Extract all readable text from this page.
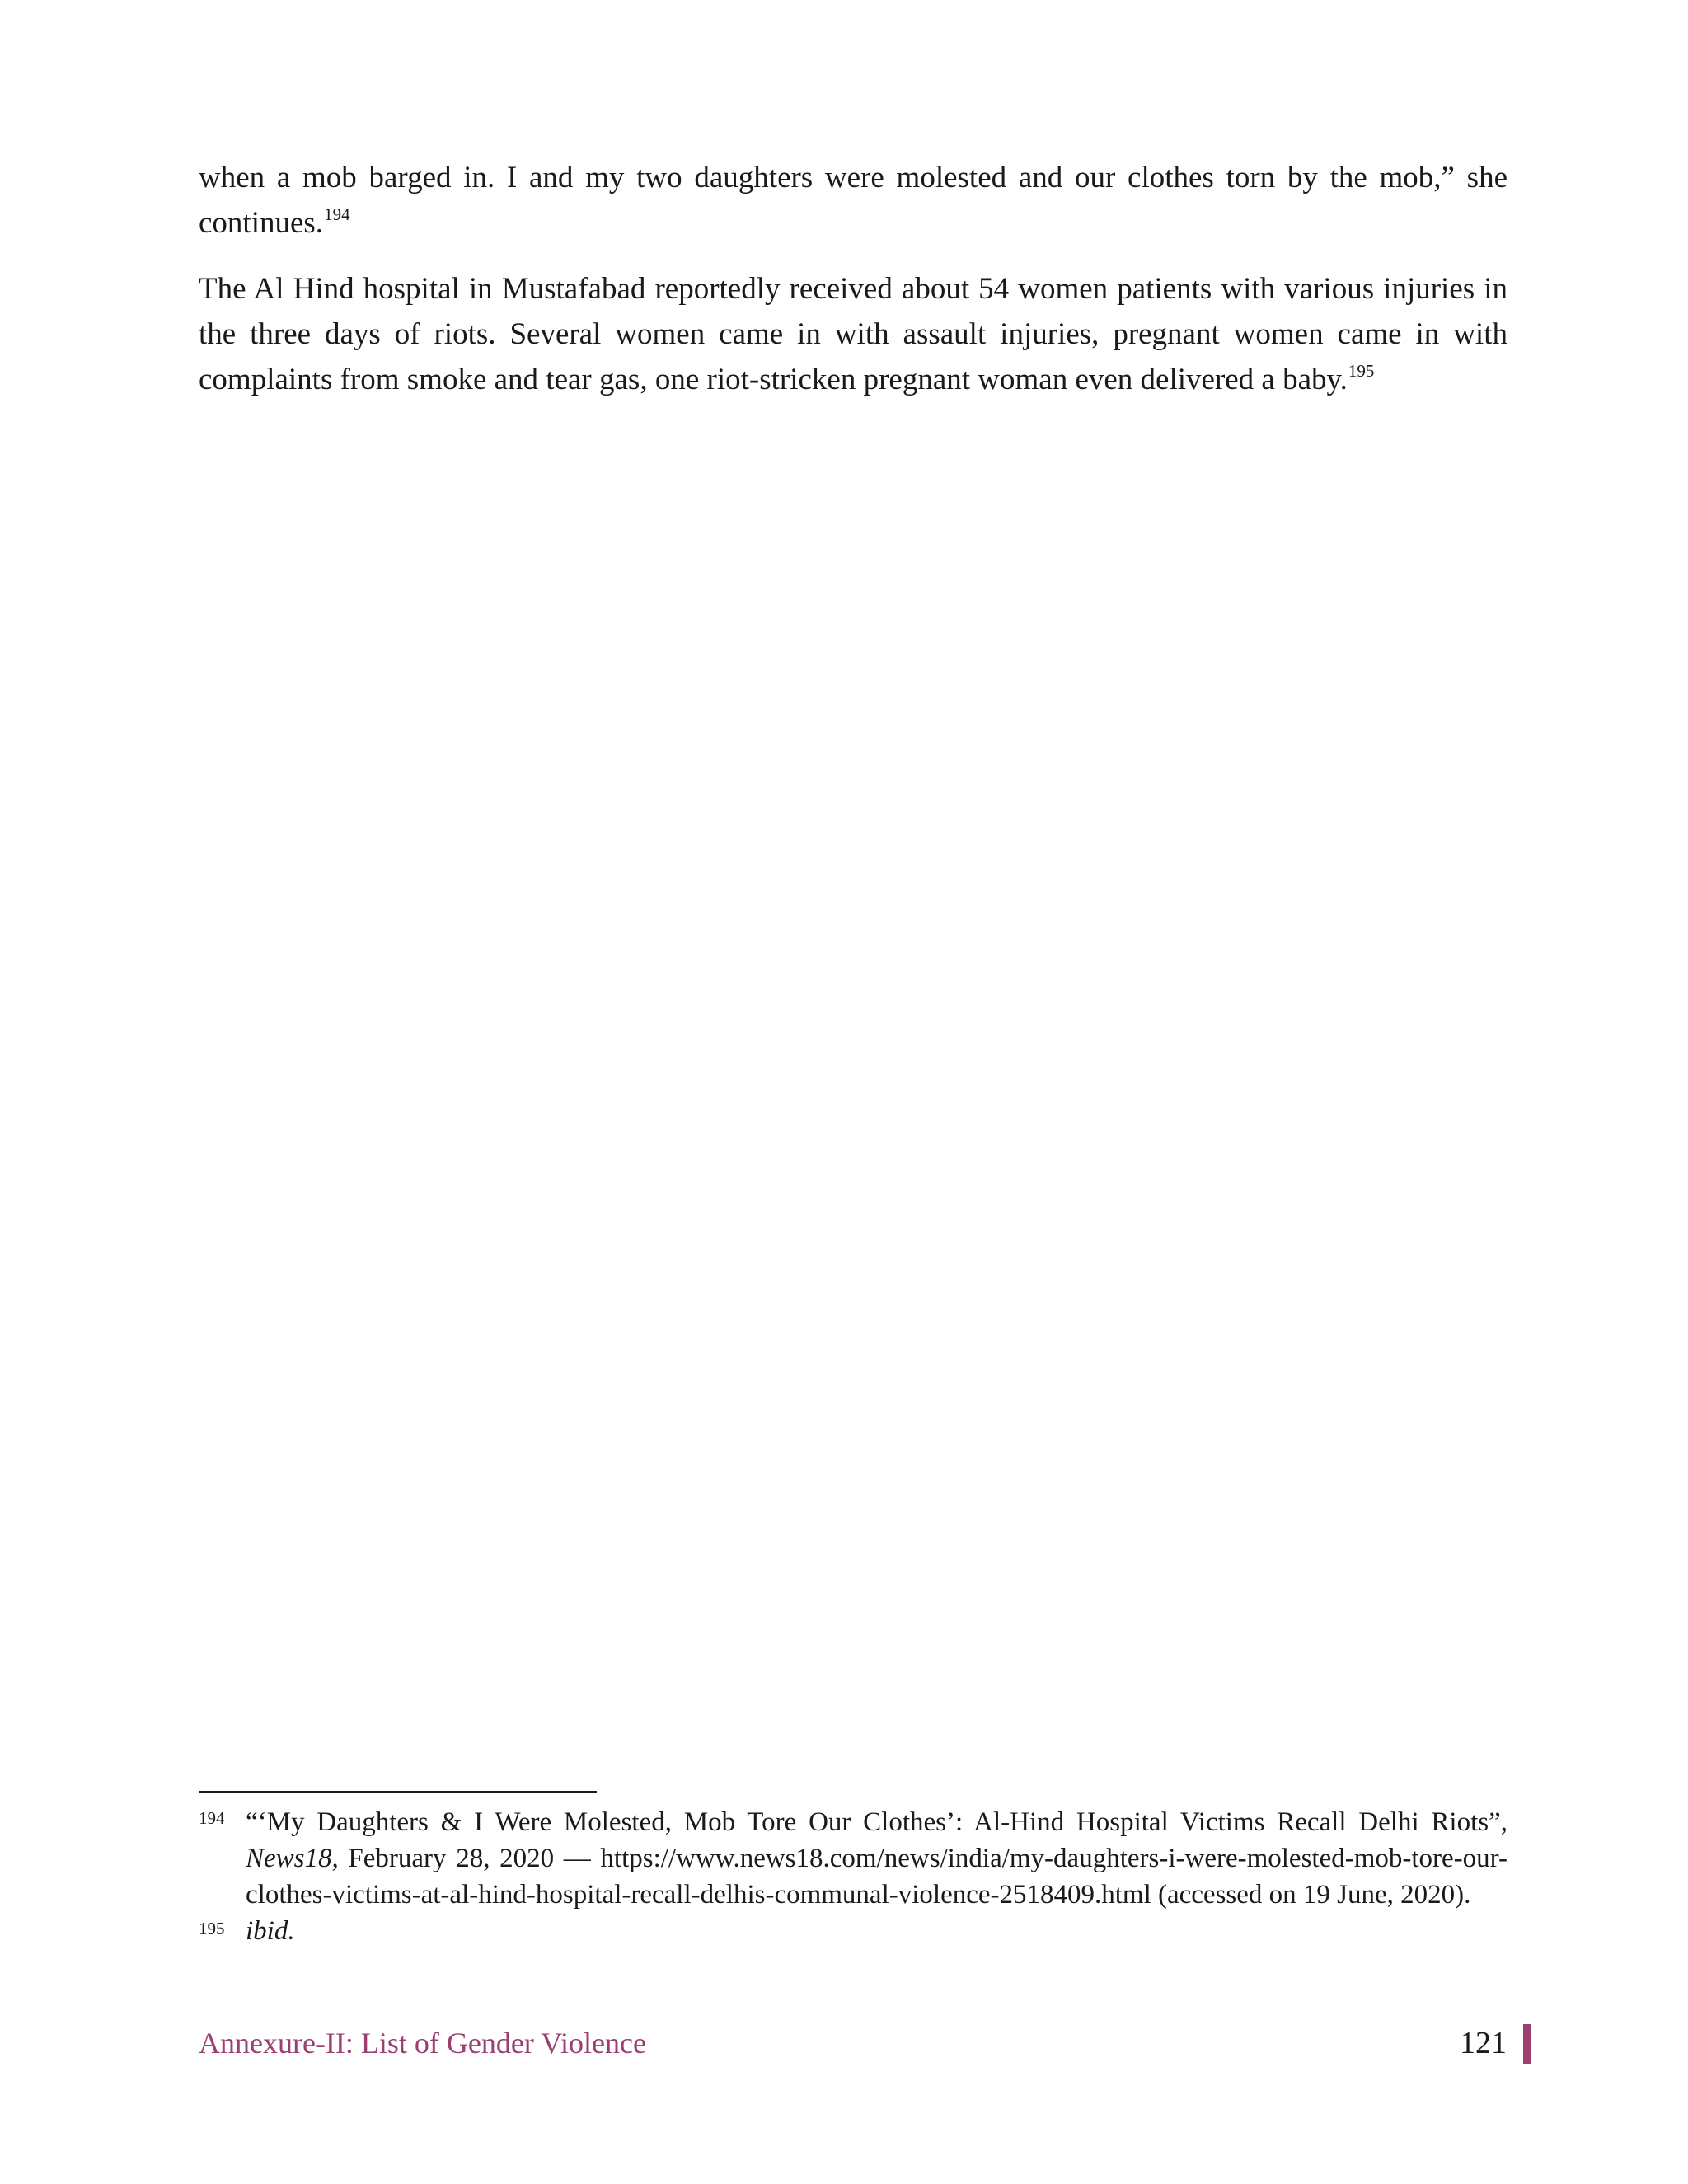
when a mob barged in. I and my two daughters were molested and our clothes torn by the mob,” she continues.$^{194}$

The Al Hind hospital in Mustafabad reportedly received about 54 women patients with various injuries in the three days of riots. Several women came in with assault injuries, pregnant women came in with complaints from smoke and tear gas, one riot-stricken pregnant woman even delivered a baby.$^{195}$

194 “‘My Daughters & I Were Molested, Mob Tore Our Clothes’: Al-Hind Hospital Victims Recall Delhi Riots”, News18, February 28, 2020 — https://www.news18.com/news/india/my-daughters-i-were-molested-mob-tore-our-clothes-victims-at-al-hind-hospital-recall-delhis-communal-violence-2518409.html (accessed on 19 June, 2020).
195 ibid.
Annexure-II: List of Gender Violence	121
